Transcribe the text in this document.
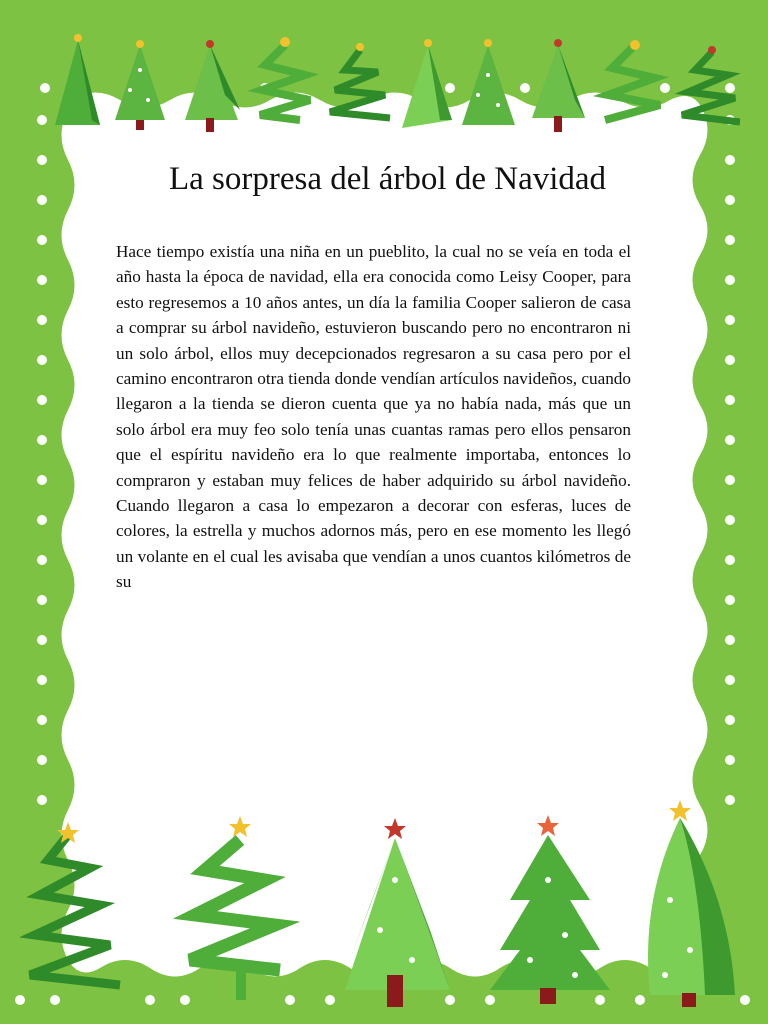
La sorpresa del árbol de Navidad

Hace tiempo existía una niña en un pueblito, la cual no se veía en toda el año hasta la época de navidad, ella era conocida como Leisy Cooper, para esto regresemos a 10 años antes, un día la familia Cooper salieron de casa a comprar su árbol navideño, estuvieron buscando pero no encontraron ni un solo árbol, ellos muy decepcionados regresaron a su casa pero por el camino encontraron otra tienda donde vendían artículos navideños, cuando llegaron a la tienda se dieron cuenta que ya no había nada, más que un solo árbol era muy feo solo tenía unas cuantas ramas pero ellos pensaron que el espíritu navideño era lo que realmente importaba, entonces lo compraron y estaban muy felices de haber adquirido su árbol navideño. Cuando llegaron a casa lo empezaron a decorar con esferas, luces de colores, la estrella y muchos adornos más, pero en ese momento les llegó un volante en el cual les avisaba que vendían a unos cuantos kilómetros de su
